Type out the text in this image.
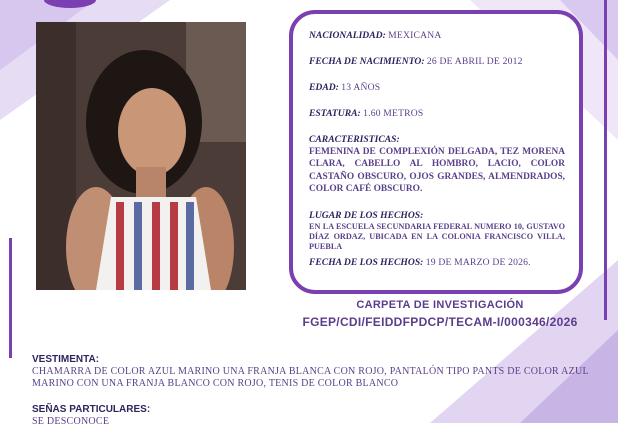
NACIONALIDAD: MEXICANA
FECHA DE NACIMIENTO: 26 DE ABRIL DE 2012
EDAD: 13 AÑOS
ESTATURA: 1.60 METROS
CARACTERISTICAS:
FEMENINA DE COMPLEXIÓN DELGADA, TEZ MORENA CLARA, CABELLO AL HOMBRO, LACIO, COLOR CASTAÑO OBSCURO, OJOS GRANDES, ALMENDRADOS, COLOR CAFÉ OBSCURO.
LUGAR DE LOS HECHOS:
EN LA ESCUELA SECUNDARIA FEDERAL NUMERO 10, GUSTAVO DÍAZ ORDAZ, UBICADA EN LA COLONIA FRANCISCO VILLA, PUEBLA
FECHA DE LOS HECHOS: 19 DE MARZO DE 2026.
CARPETA DE INVESTIGACIÓN
FGEP/CDI/FEIDDFPDCP/TECAM-I/000346/2026
VESTIMENTA:
CHAMARRA DE COLOR AZUL MARINO UNA FRANJA BLANCA CON ROJO, PANTALÓN TIPO PANTS DE COLOR AZUL MARINO CON UNA FRANJA BLANCO CON ROJO, TENIS DE COLOR BLANCO
SEÑAS PARTICULARES:
SE DESCONOCE
